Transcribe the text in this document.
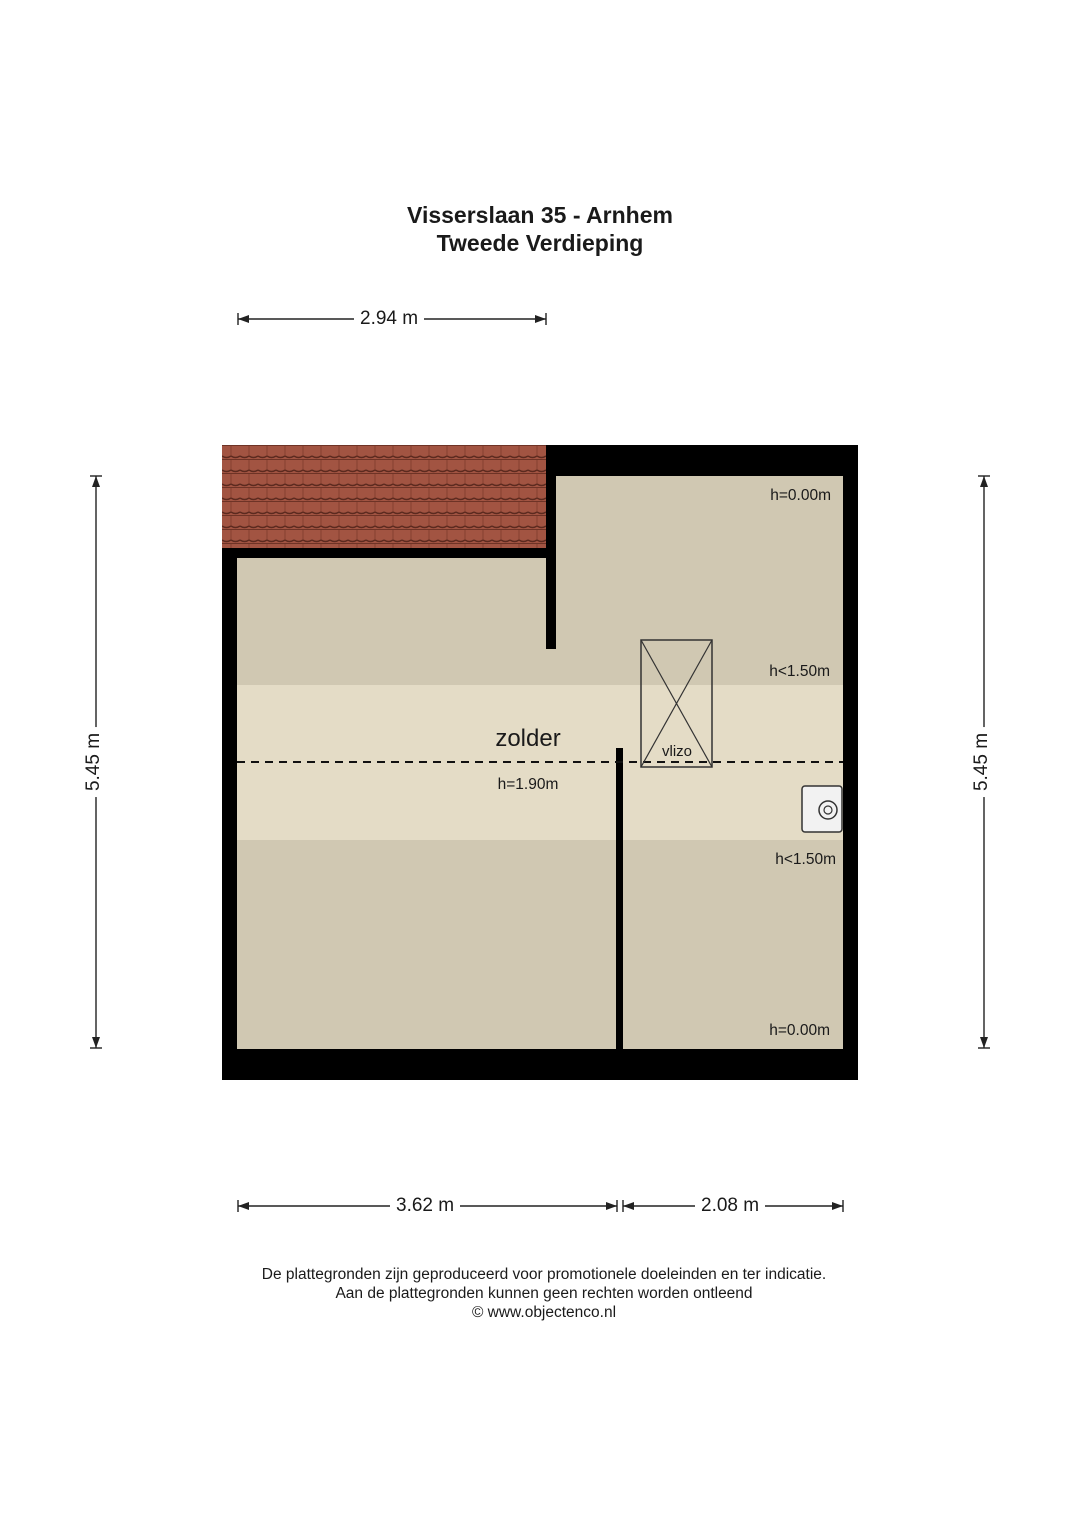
Visserslaan 35 - Arnhem
Tweede Verdieping
zolder
h=1.90m
vlizo
h=0.00m
h<1.50m
h<1.50m
h=0.00m
2.94 m
5.45 m	5.45 m
3.62 m	2.08 m
De plattegronden zijn geproduceerd voor promotionele doeleinden en ter indicatie.
Aan de plattegronden kunnen geen rechten worden ontleend
© www.objectenco.nl
